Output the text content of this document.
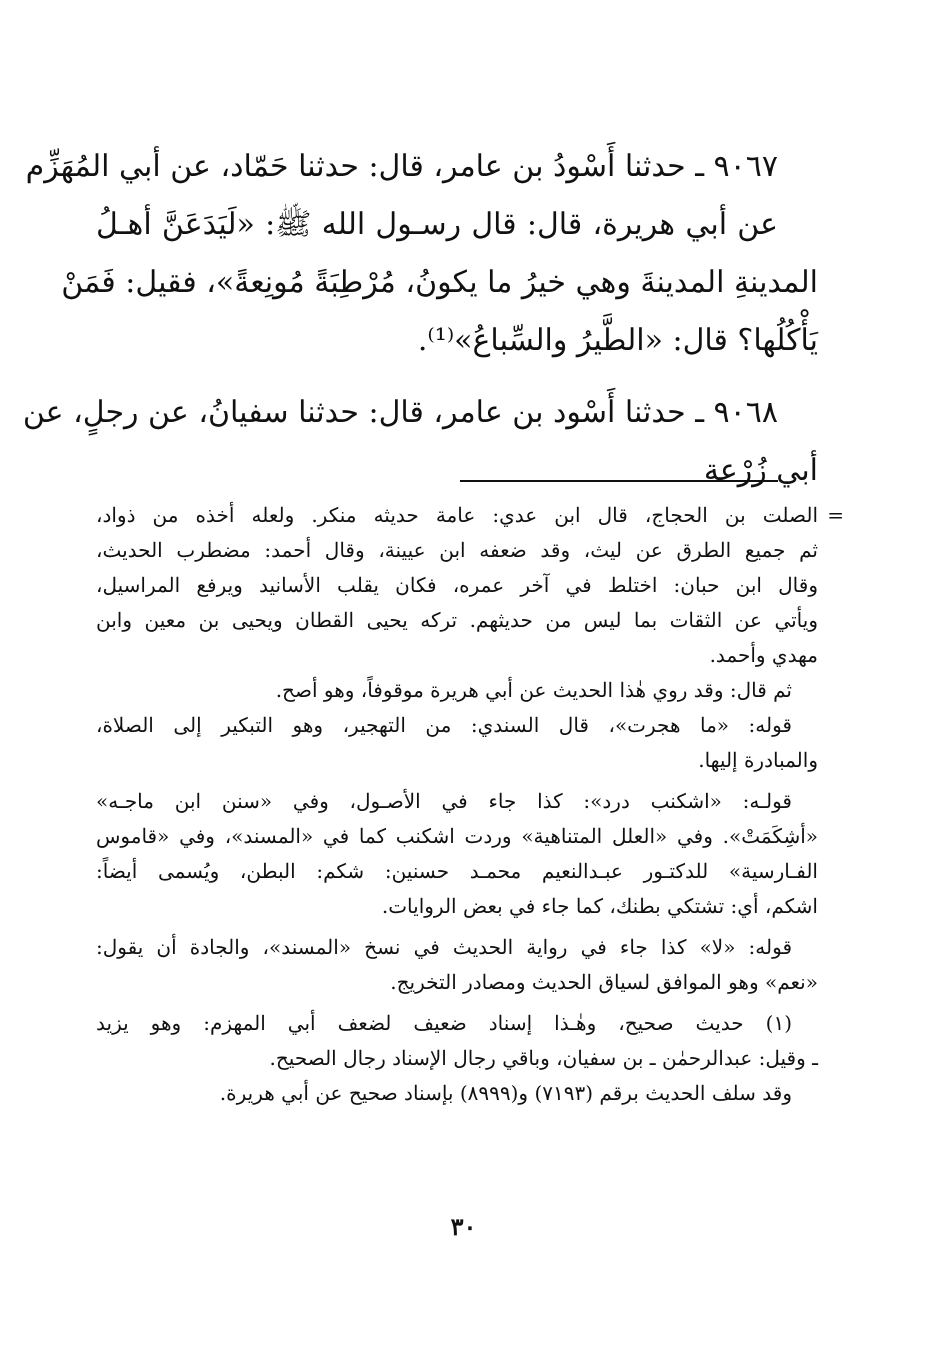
٩٠٦٧ ـ حدثنا أَسْودُ بن عامر، قال: حدثنا حَمّاد، عن أبي المُهَزِّم
عن أبي هريرة، قال: قال رسـول الله ﷺ: «لَيَدَعَنَّ أهـلُ
المدينةِ المدينةَ وهي خيرُ ما يكونُ، مُرْطِبَةً مُونِعةً»، فقيل: فَمَنْ
يَأْكُلُها؟ قال: «الطَّيرُ والسِّباعُ»⁽¹⁾.
٩٠٦٨ ـ حدثنا أَسْود بن عامر، قال: حدثنا سفيانُ، عن رجلٍ، عن
أبي زُرْعة
=
الصلت بن الحجاج، قال ابن عدي: عامة حديثه منكر. ولعله أخذه من ذواد،
ثم جميع الطرق عن ليث، وقد ضعفه ابن عيينة، وقال أحمد: مضطرب الحديث،
وقال ابن حبان: اختلط في آخر عمره، فكان يقلب الأسانيد ويرفع المراسيل،
ويأتي عن الثقات بما ليس من حديثهم. تركه يحيى القطان ويحيى بن معين وابن
مهدي وأحمد.
ثم قال: وقد روي هٰذا الحديث عن أبي هريرة موقوفاً، وهو أصح.
قوله: «ما هجرت»، قال السندي: من التهجير، وهو التبكير إلى الصلاة،
والمبادرة إليها.
قولـه: «اشكنب درد»: كذا جاء في الأصـول، وفي «سنن ابن ماجـه»
«أشِكَمَتْ». وفي «العلل المتناهية» وردت اشكنب كما في «المسند»، وفي «قاموس
الفـارسية» للدكتـور عبـدالنعيم محمـد حسنين: شكم: البطن، ويُسمى أيضاً:
اشكم، أي: تشتكي بطنك، كما جاء في بعض الروايات.
قوله: «لا» كذا جاء في رواية الحديث في نسخ «المسند»، والجادة أن يقول:
«نعم» وهو الموافق لسياق الحديث ومصادر التخريج.
(١) حديث صحيح، وهٰـذا إسناد ضعيف لضعف أبي المهزم: وهو يزيد
ـ وقيل: عبدالرحمٰن ـ بن سفيان، وباقي رجال الإسناد رجال الصحيح.
وقد سلف الحديث برقم (٧١٩٣) و(٨٩٩٩) بإسناد صحيح عن أبي هريرة.
٣٠
